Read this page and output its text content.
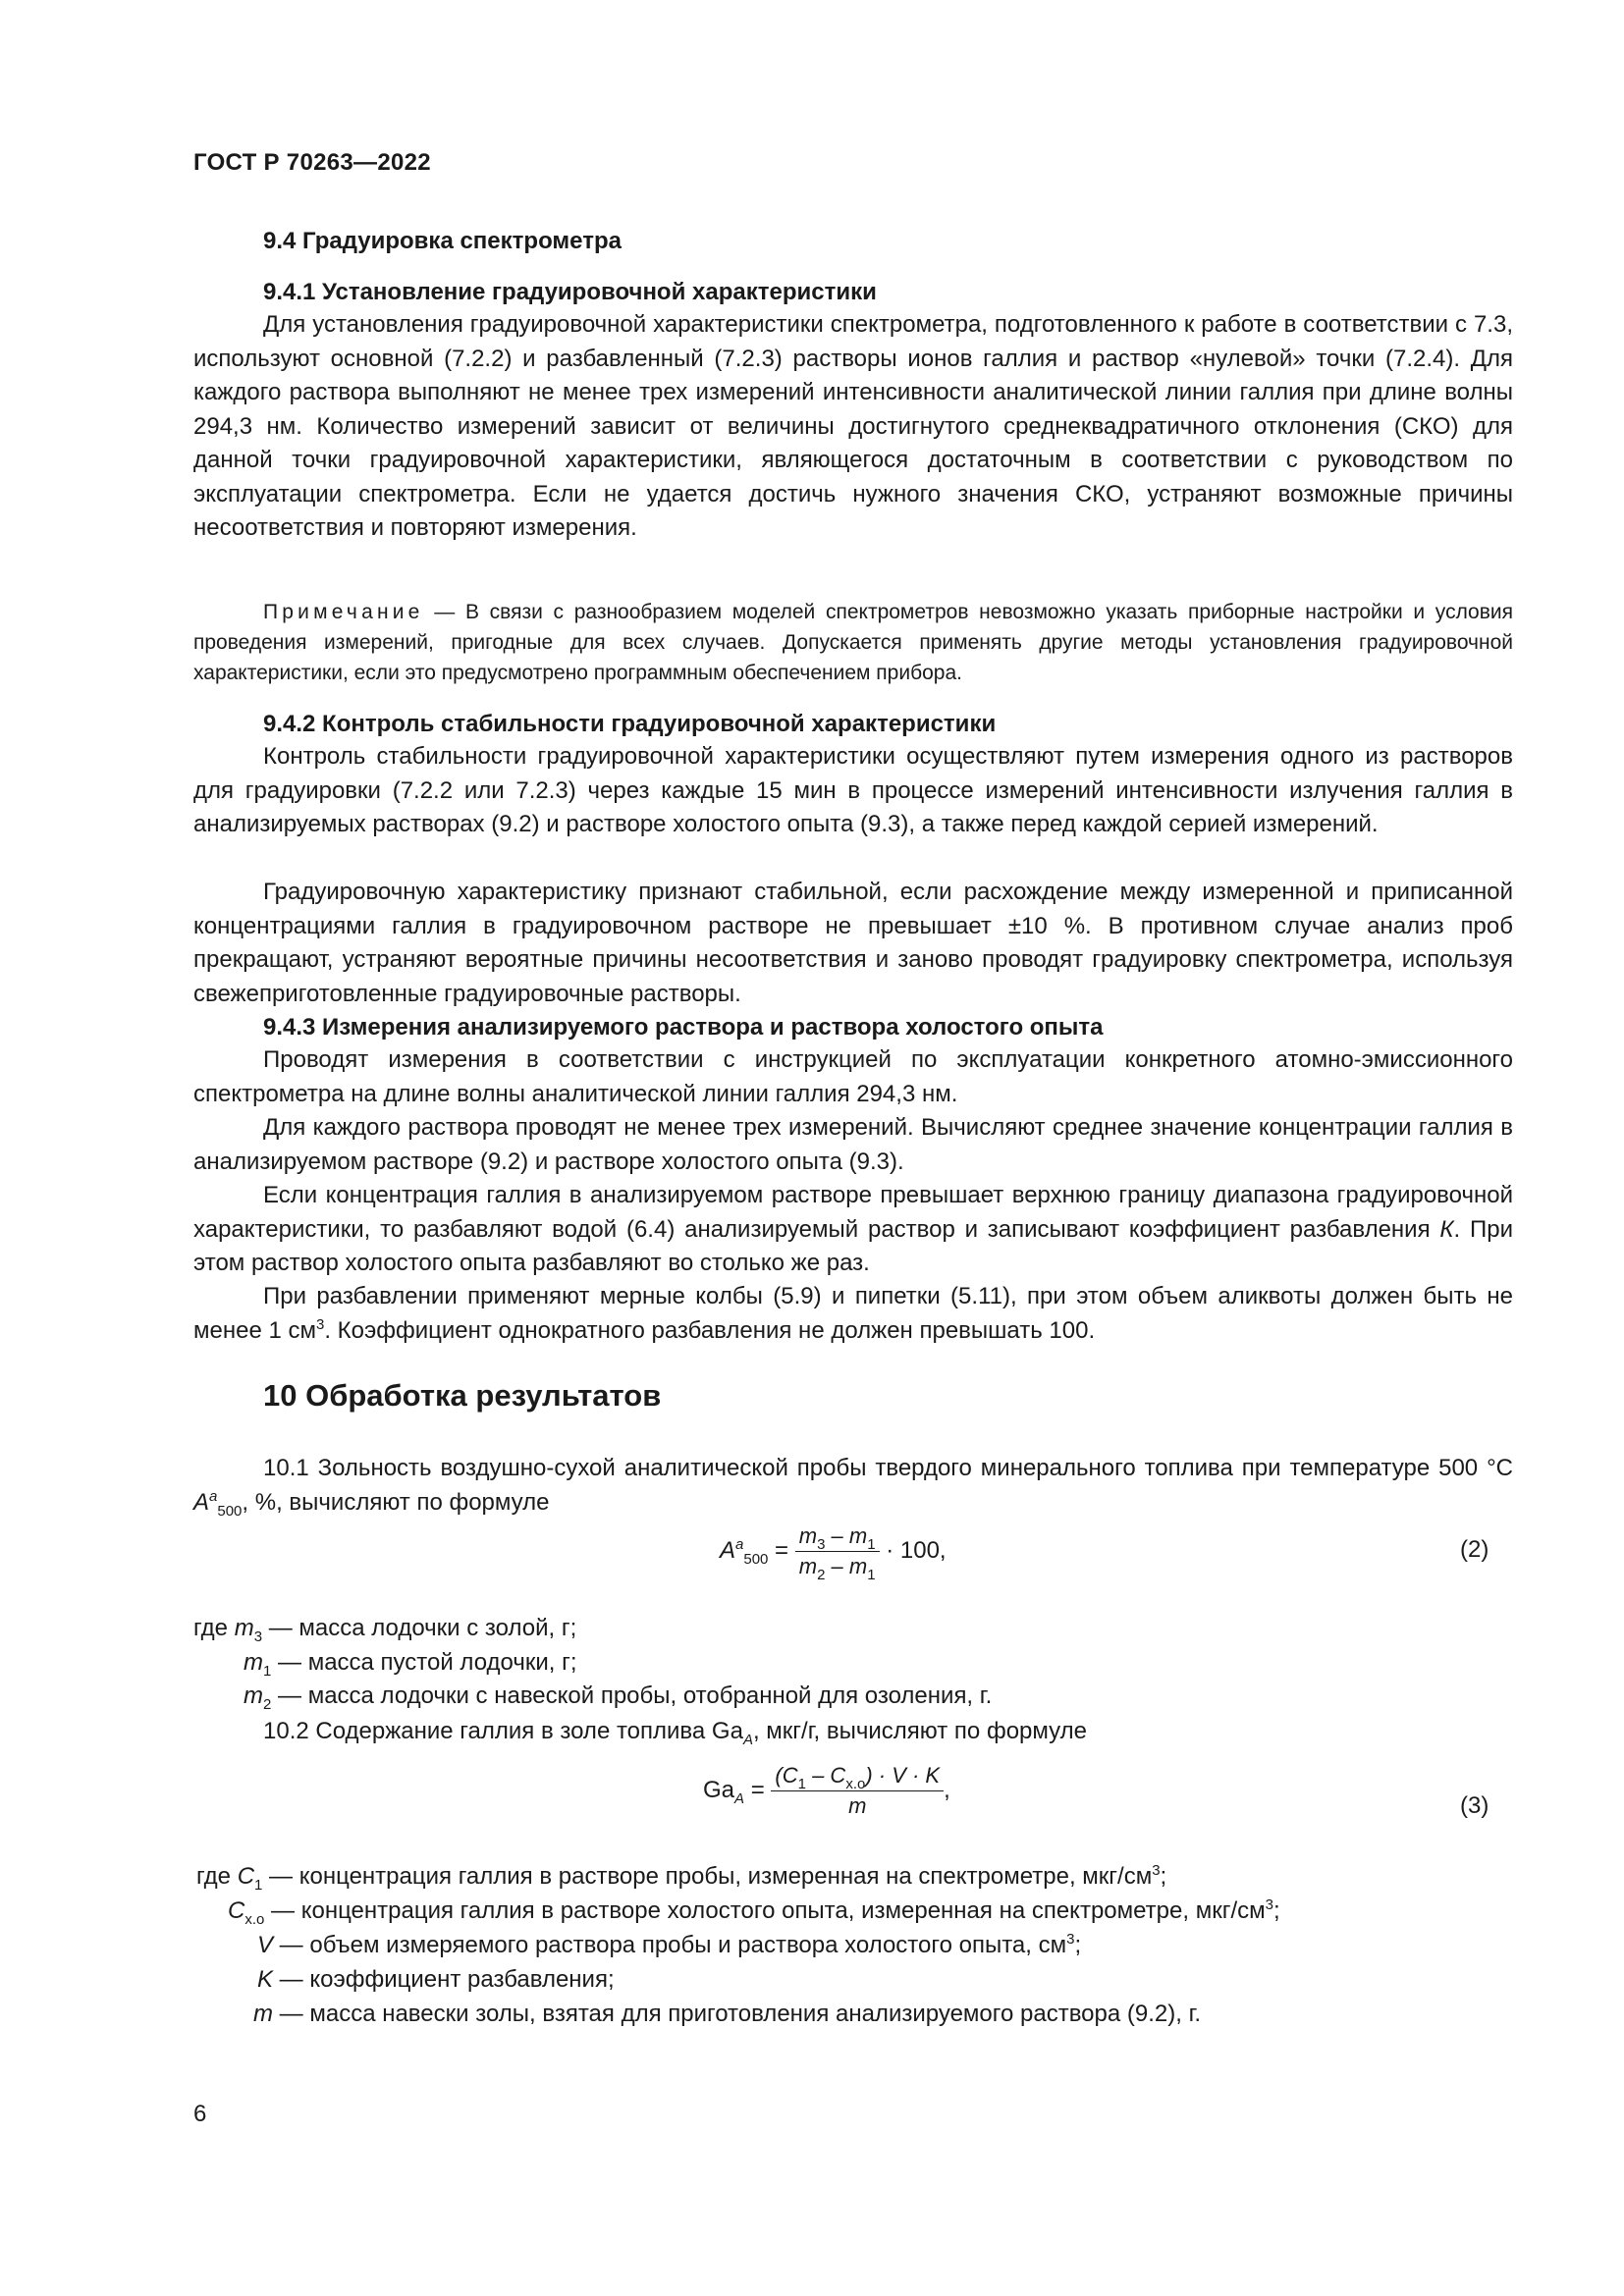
ГОСТ Р 70263—2022
9.4 Градуировка спектрометра
9.4.1 Установление градуировочной характеристики
Для установления градуировочной характеристики спектрометра, подготовленного к работе в соответствии с 7.3, используют основной (7.2.2) и разбавленный (7.2.3) растворы ионов галлия и раствор «нулевой» точки (7.2.4). Для каждого раствора выполняют не менее трех измерений интенсивности аналитической линии галлия при длине волны 294,3 нм. Количество измерений зависит от величины достигнутого среднеквадратичного отклонения (СКО) для данной точки градуировочной характеристики, являющегося достаточным в соответствии с руководством по эксплуатации спектрометра. Если не удается достичь нужного значения СКО, устраняют возможные причины несоответствия и повторяют измерения.
Примечание — В связи с разнообразием моделей спектрометров невозможно указать приборные настройки и условия проведения измерений, пригодные для всех случаев. Допускается применять другие методы установления градуировочной характеристики, если это предусмотрено программным обеспечением прибора.
9.4.2 Контроль стабильности градуировочной характеристики
Контроль стабильности градуировочной характеристики осуществляют путем измерения одного из растворов для градуировки (7.2.2 или 7.2.3) через каждые 15 мин в процессе измерений интенсивности излучения галлия в анализируемых растворах (9.2) и растворе холостого опыта (9.3), а также перед каждой серией измерений.
Градуировочную характеристику признают стабильной, если расхождение между измеренной и приписанной концентрациями галлия в градуировочном растворе не превышает ±10 %. В противном случае анализ проб прекращают, устраняют вероятные причины несоответствия и заново проводят градуировку спектрометра, используя свежеприготовленные градуировочные растворы.
9.4.3 Измерения анализируемого раствора и раствора холостого опыта
Проводят измерения в соответствии с инструкцией по эксплуатации конкретного атомно-эмиссионного спектрометра на длине волны аналитической линии галлия 294,3 нм.
Для каждого раствора проводят не менее трех измерений. Вычисляют среднее значение концентрации галлия в анализируемом растворе (9.2) и растворе холостого опыта (9.3).
Если концентрация галлия в анализируемом растворе превышает верхнюю границу диапазона градуировочной характеристики, то разбавляют водой (6.4) анализируемый раствор и записывают коэффициент разбавления К. При этом раствор холостого опыта разбавляют во столько же раз.
При разбавлении применяют мерные колбы (5.9) и пипетки (5.11), при этом объем аликвоты должен быть не менее 1 $см^3$. Коэффициент однократного разбавления не должен превышать 100.
10 Обработка результатов
10.1 Зольность воздушно-сухой аналитической пробы твердого минерального топлива при температуре 500 °С $A^a_{500}$, %, вычисляют по формуле
$A^a_{500} = \frac{m_3 - m_1}{m_2 - m_1} \cdot 100$,	(2)
где $m_3$ — масса лодочки с золой, г;
$m_1$ — масса пустой лодочки, г;
$m_2$ — масса лодочки с навеской пробы, отобранной для озоления, г.
10.2 Содержание галлия в золе топлива $Ga_A$, мкг/г, вычисляют по формуле
$Ga_A = \frac{(C_1 - C_{х.о}) \cdot V \cdot K}{m}$ ,
(3)
где $C_1$ — концентрация галлия в растворе пробы, измеренная на спектрометре, мкг/$см^3$;
$C_{х.о}$ — концентрация галлия в растворе холостого опыта, измеренная на спектрометре, мкг/$см^3$;
V — объем измеряемого раствора пробы и раствора холостого опыта, $см^3$;
K — коэффициент разбавления;
m — масса навески золы, взятая для приготовления анализируемого раствора (9.2), г.
6
